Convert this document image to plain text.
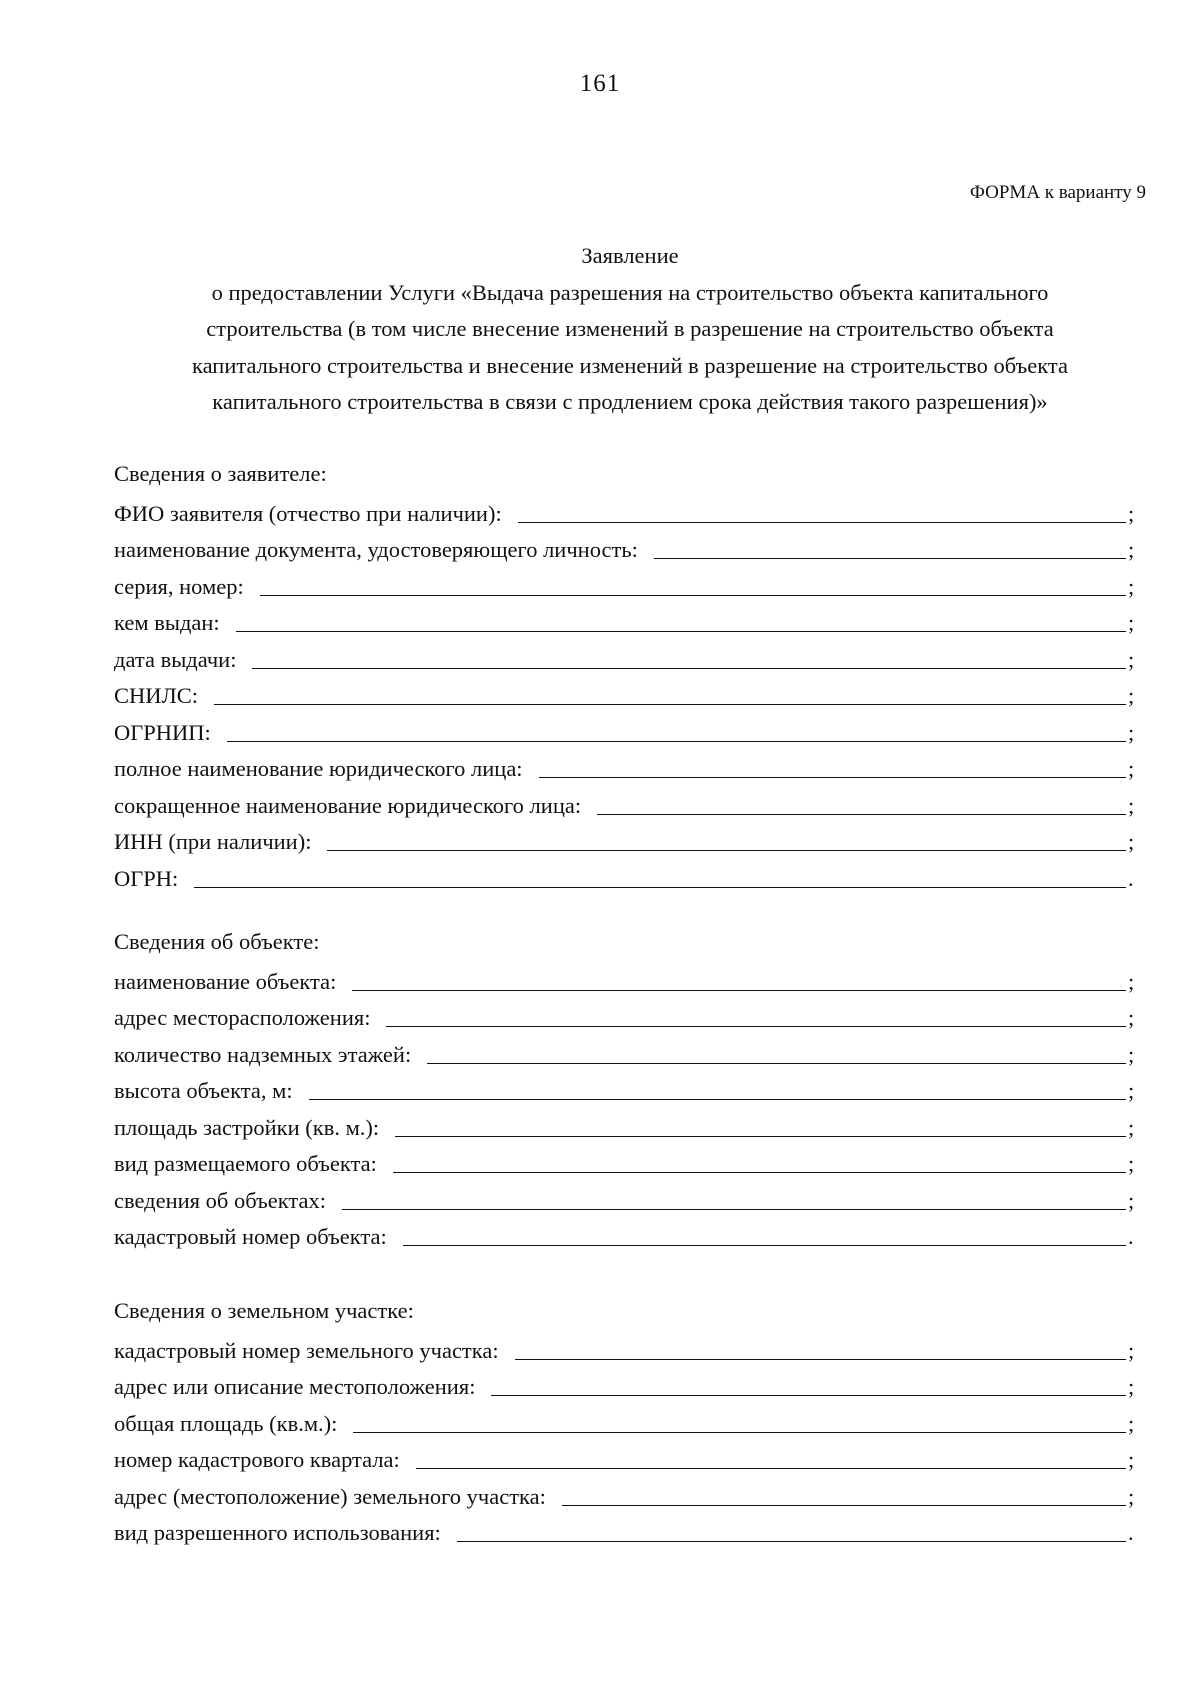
161
ФОРМА к варианту 9
Заявление
о предоставлении Услуги «Выдача разрешения на строительство объекта капитального
строительства (в том числе внесение изменений в разрешение на строительство объекта
капитального строительства и внесение изменений в разрешение на строительство объекта
капитального строительства в связи с продлением срока действия такого разрешения)»
Сведения о заявителе:
ФИО заявителя (отчество при наличии):	;
наименование документа, удостоверяющего личность:	;
серия, номер:	;
кем выдан:	;
дата выдачи:	;
СНИЛС:	;
ОГРНИП:	;
полное наименование юридического лица:	;
сокращенное наименование юридического лица:	;
ИНН (при наличии):	;
ОГРН:	.
Сведения об объекте:
наименование объекта:	;
адрес месторасположения:	;
количество надземных этажей:	;
высота объекта, м:	;
площадь застройки (кв. м.):	;
вид размещаемого объекта:	;
сведения об объектах:	;
кадастровый номер объекта:	.
Сведения о земельном участке:
кадастровый номер земельного участка:	;
адрес или описание местоположения:	;
общая площадь (кв.м.):	;
номер кадастрового квартала:	;
адрес (местоположение) земельного участка:	;
вид разрешенного использования:	.
